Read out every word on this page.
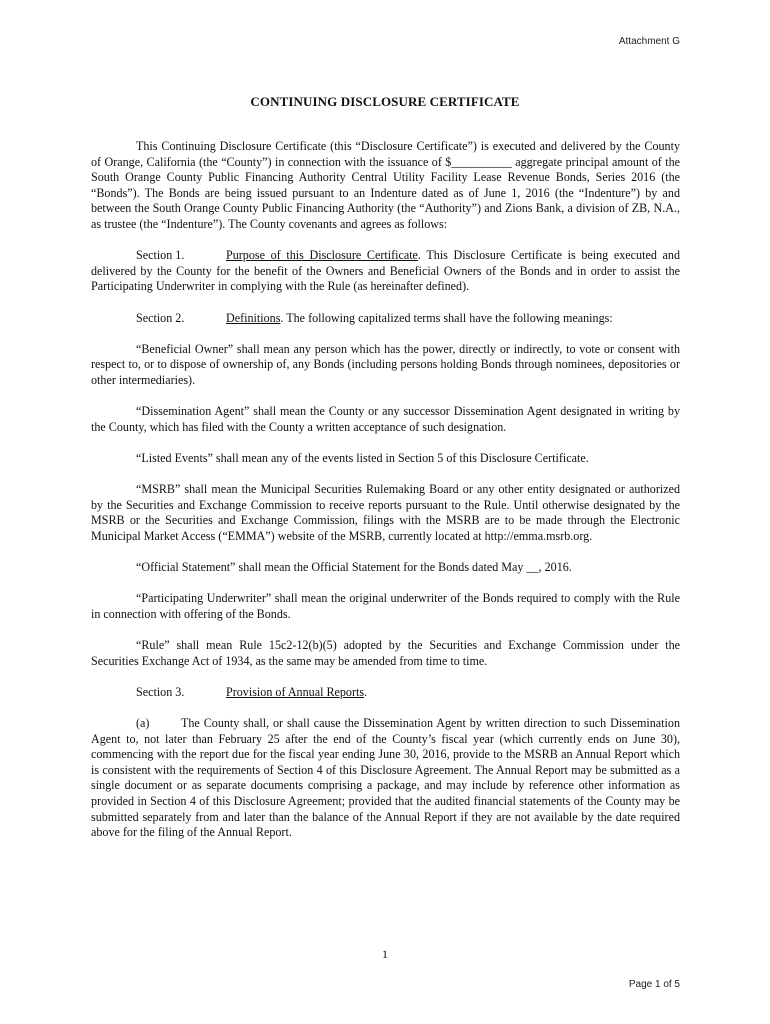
Attachment G
CONTINUING DISCLOSURE CERTIFICATE

This Continuing Disclosure Certificate (this “Disclosure Certificate”) is executed and delivered by the County of Orange, California (the “County”) in connection with the issuance of $__________ aggregate principal amount of the South Orange County Public Financing Authority Central Utility Facility Lease Revenue Bonds, Series 2016 (the “Bonds”). The Bonds are being issued pursuant to an Indenture dated as of June 1, 2016 (the “Indenture”) by and between the South Orange County Public Financing Authority (the “Authority”) and Zions Bank, a division of ZB, N.A., as trustee (the “Indenture”). The County covenants and agrees as follows:

Section 1.	Purpose of this Disclosure Certificate. This Disclosure Certificate is being executed and delivered by the County for the benefit of the Owners and Beneficial Owners of the Bonds and in order to assist the Participating Underwriter in complying with the Rule (as hereinafter defined).

Section 2.	Definitions. The following capitalized terms shall have the following meanings:

“Beneficial Owner” shall mean any person which has the power, directly or indirectly, to vote or consent with respect to, or to dispose of ownership of, any Bonds (including persons holding Bonds through nominees, depositories or other intermediaries).

“Dissemination Agent” shall mean the County or any successor Dissemination Agent designated in writing by the County, which has filed with the County a written acceptance of such designation.

“Listed Events” shall mean any of the events listed in Section 5 of this Disclosure Certificate.

“MSRB” shall mean the Municipal Securities Rulemaking Board or any other entity designated or authorized by the Securities and Exchange Commission to receive reports pursuant to the Rule. Until otherwise designated by the MSRB or the Securities and Exchange Commission, filings with the MSRB are to be made through the Electronic Municipal Market Access (“EMMA”) website of the MSRB, currently located at http://emma.msrb.org.

“Official Statement” shall mean the Official Statement for the Bonds dated May __, 2016.

“Participating Underwriter” shall mean the original underwriter of the Bonds required to comply with the Rule in connection with offering of the Bonds.

“Rule” shall mean Rule 15c2-12(b)(5) adopted by the Securities and Exchange Commission under the Securities Exchange Act of 1934, as the same may be amended from time to time.

Section 3.	Provision of Annual Reports.

(a)	The County shall, or shall cause the Dissemination Agent by written direction to such Dissemination Agent to, not later than February 25 after the end of the County’s fiscal year (which currently ends on June 30), commencing with the report due for the fiscal year ending June 30, 2016, provide to the MSRB an Annual Report which is consistent with the requirements of Section 4 of this Disclosure Agreement. The Annual Report may be submitted as a single document or as separate documents comprising a package, and may include by reference other information as provided in Section 4 of this Disclosure Agreement; provided that the audited financial statements of the County may be submitted separately from and later than the balance of the Annual Report if they are not available by the date required above for the filing of the Annual Report.

1
Page 1 of 5
